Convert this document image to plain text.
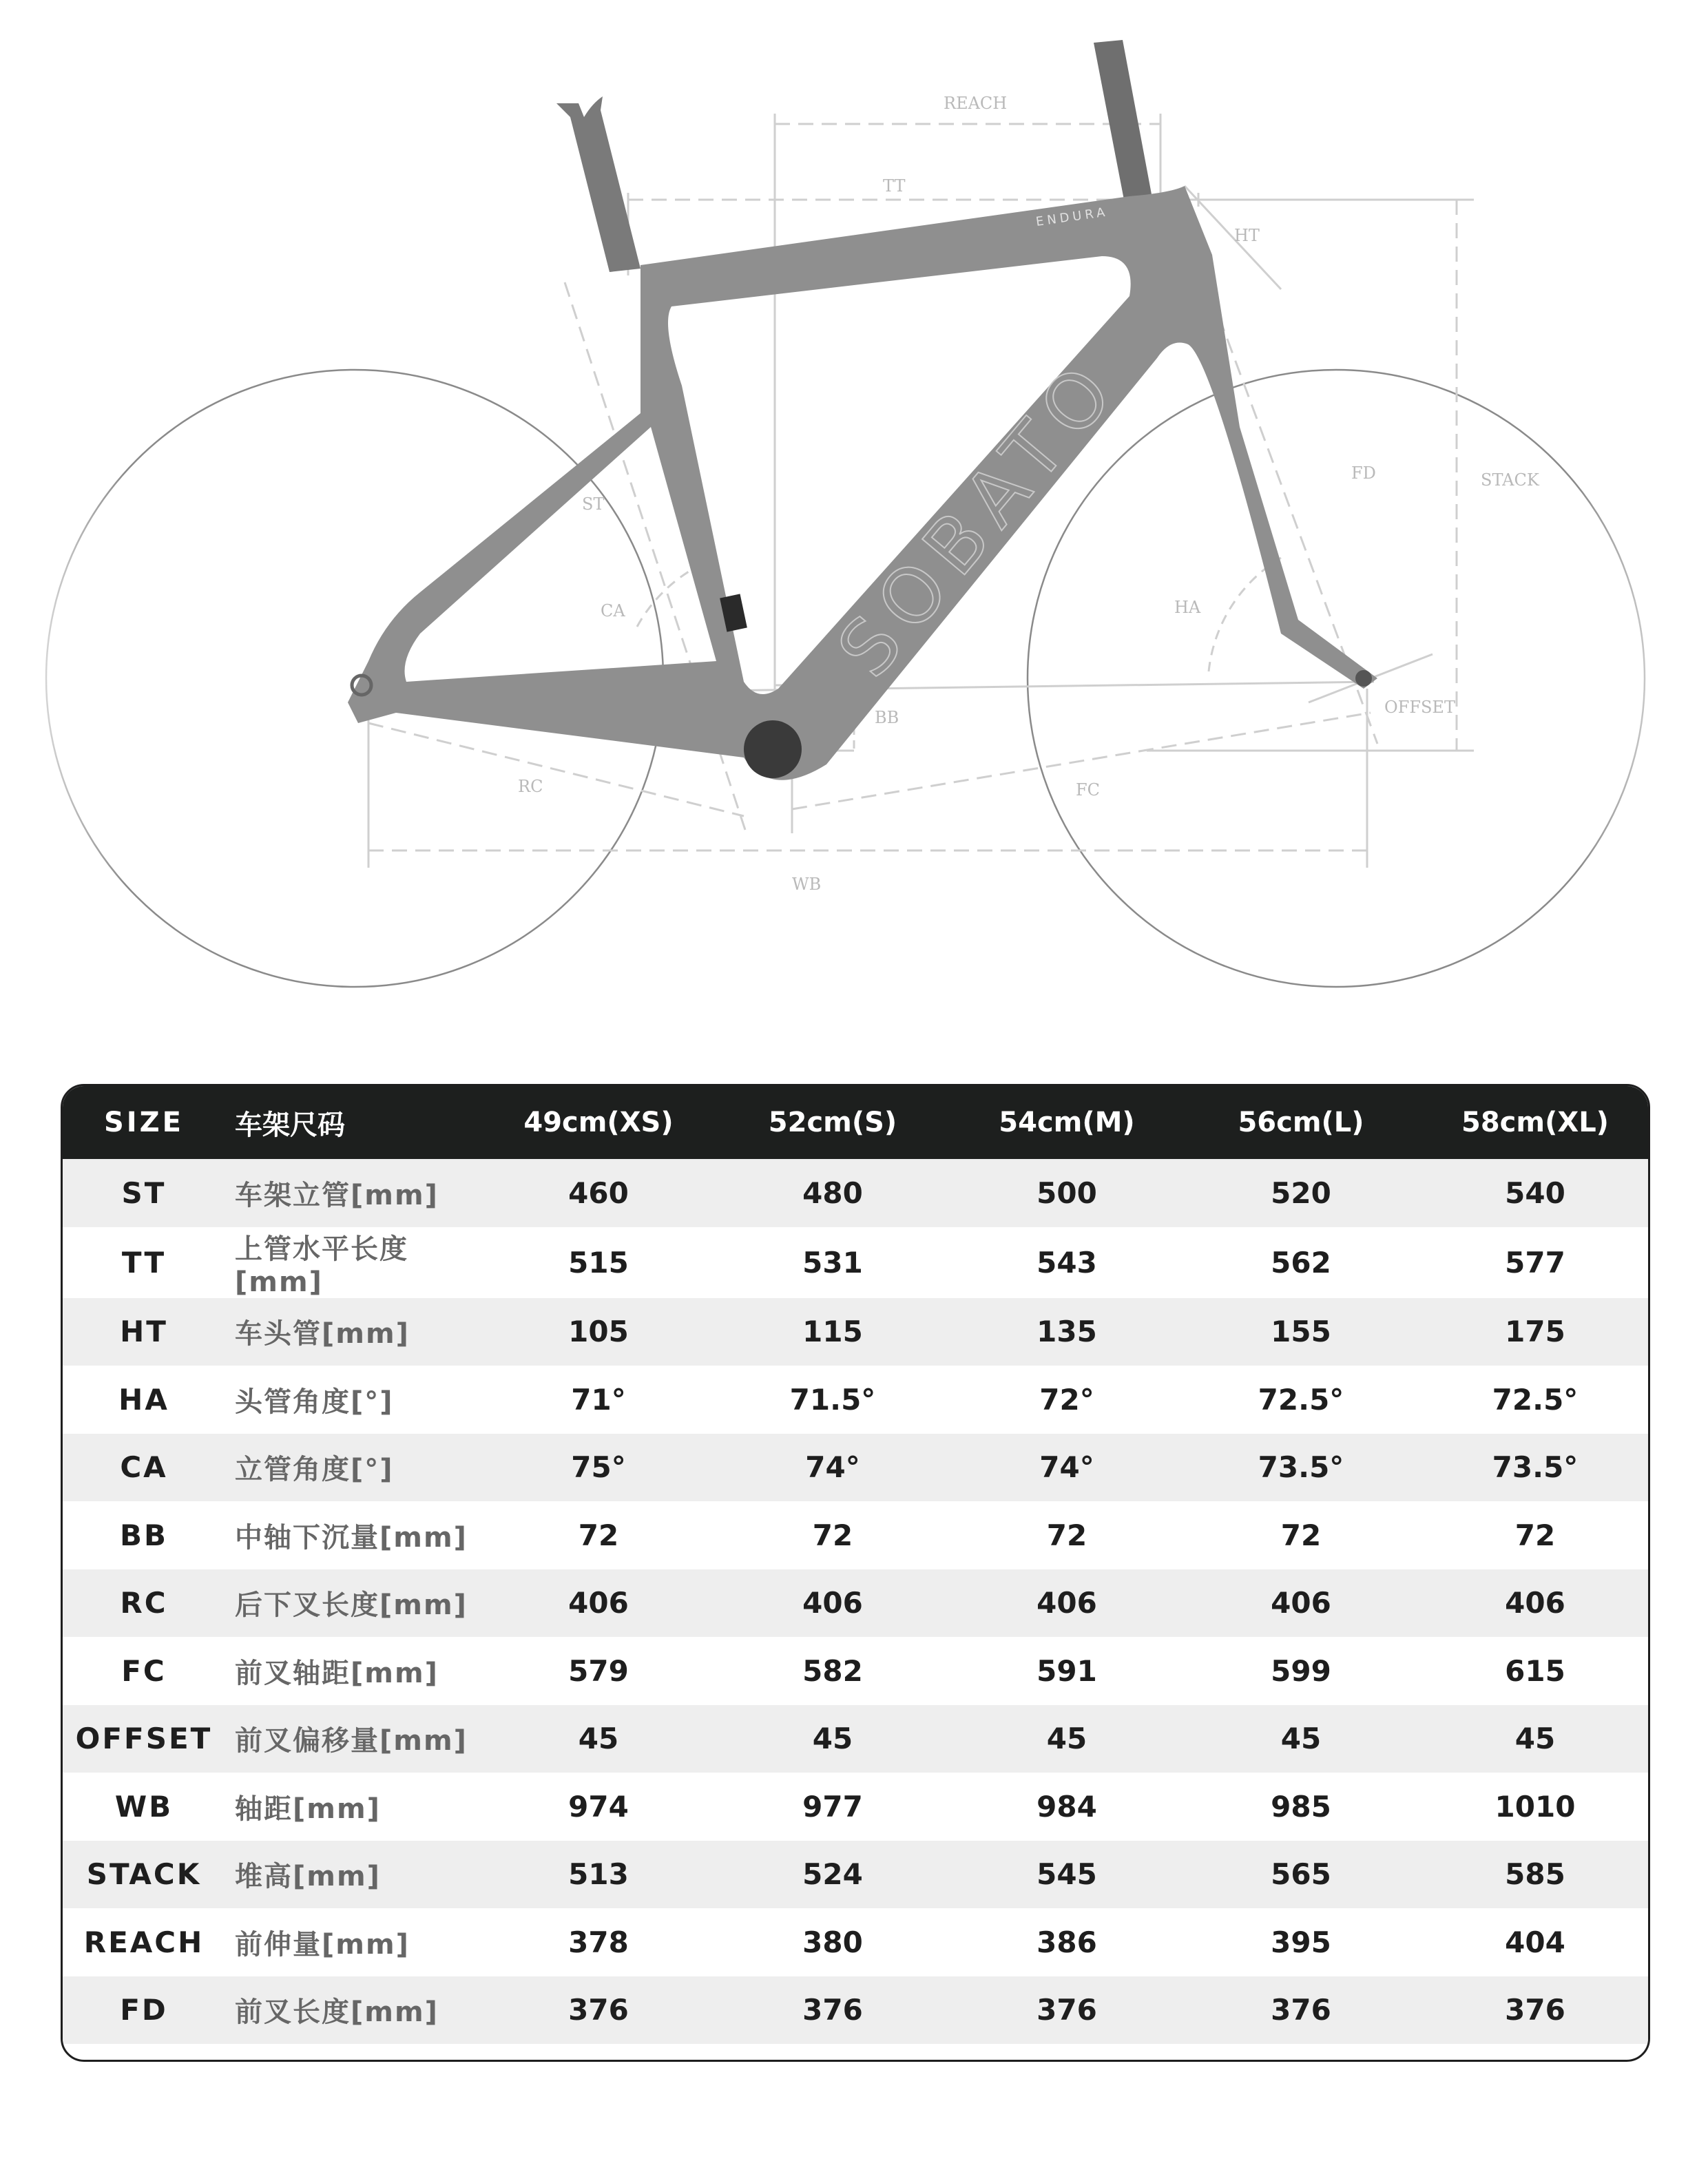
ENDURA
SOBATO
REACH
TT
HT
ST
CA
FD	STACK
HA
BB
OFFSET
RC	FC
WB
SIZE	车架尺码	49cm(XS)	52cm(S)	54cm(M)	56cm(L)	58cm(XL)
ST	车架立管[mm]	460	480	500	520	540
TT	上管水平长度[mm]	515	531	543	562	577
HT	车头管[mm]	105	115	135	155	175
HA	头管角度[°]	71°	71.5°	72°	72.5°	72.5°
CA	立管角度[°]	75°	74°	74°	73.5°	73.5°
BB	中轴下沉量[mm]	72	72	72	72	72
RC	后下叉长度[mm]	406	406	406	406	406
FC	前叉轴距[mm]	579	582	591	599	615
OFFSET	前叉偏移量[mm]	45	45	45	45	45
WB	轴距[mm]	974	977	984	985	1010
STACK	堆高[mm]	513	524	545	565	585
REACH	前伸量[mm]	378	380	386	395	404
FD	前叉长度[mm]	376	376	376	376	376
